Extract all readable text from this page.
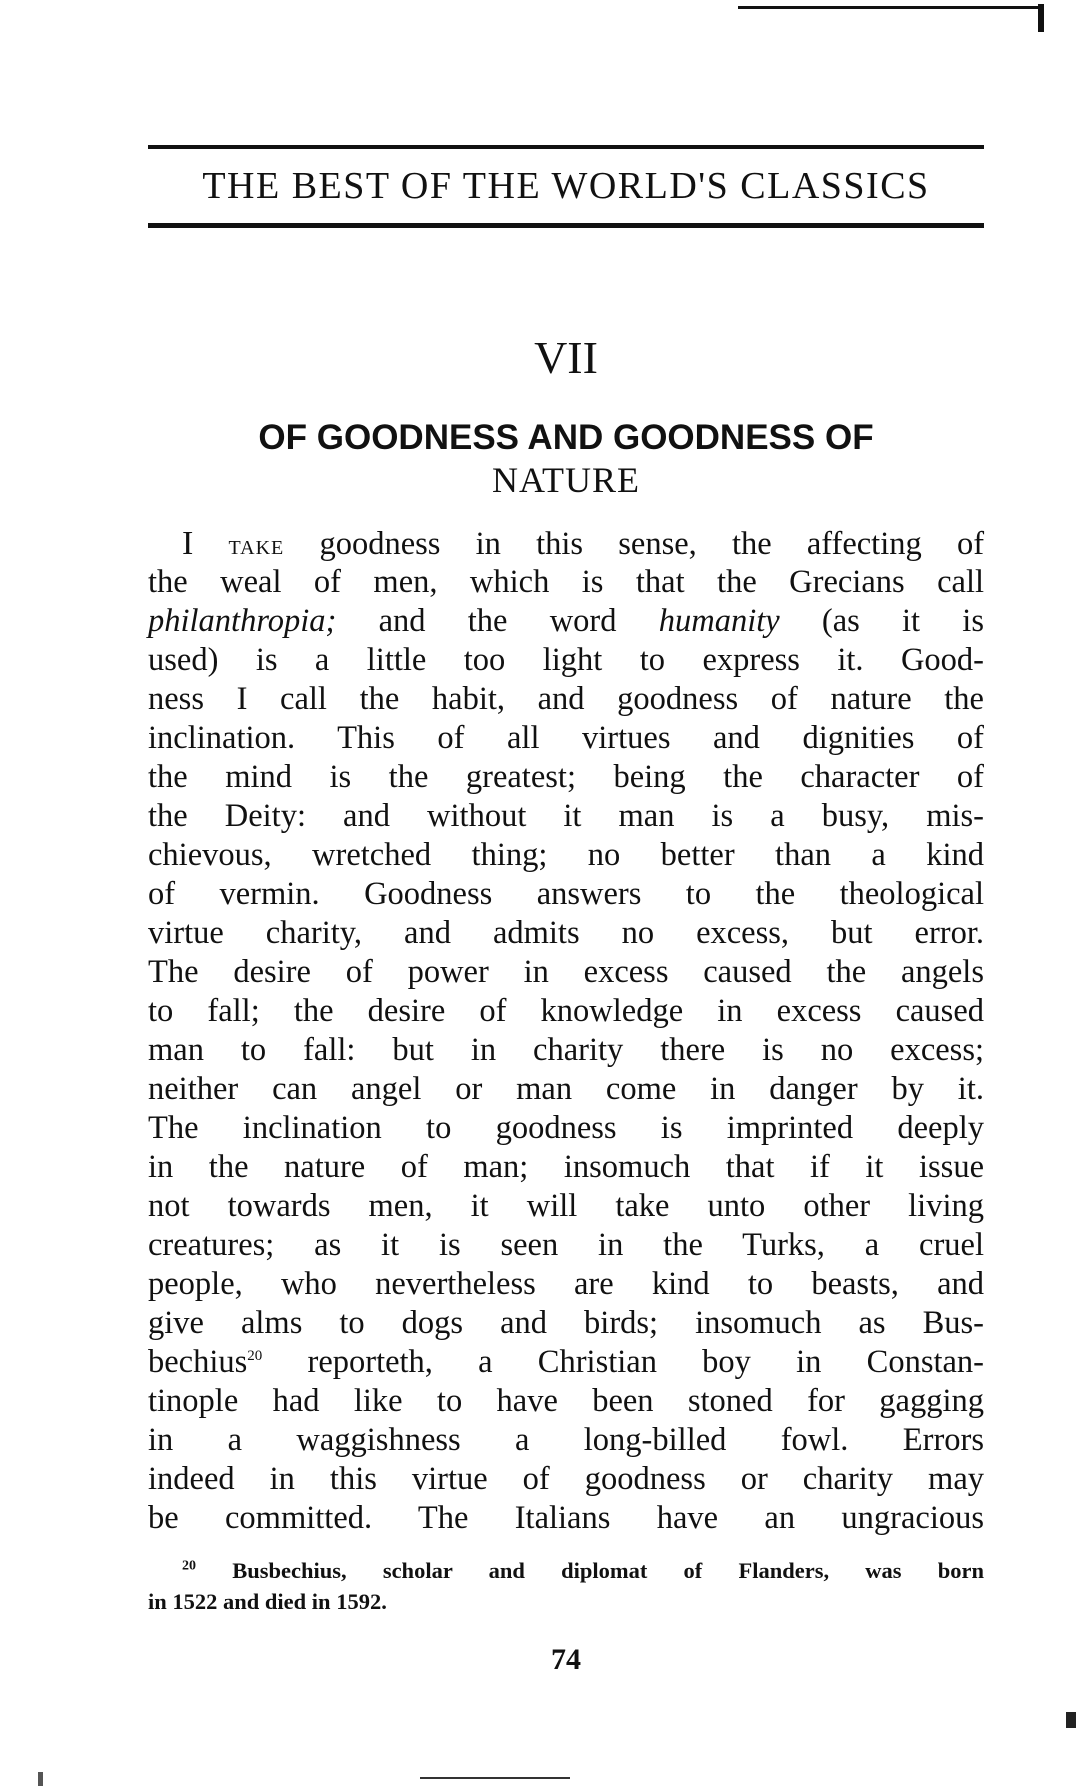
THE BEST OF THE WORLD'S CLASSICS
VII
OF GOODNESS AND GOODNESS OF
NATURE
I TAKE goodness in this sense, the affecting of
the weal of men, which is that the Grecians call
philanthropia; and the word humanity (as it is
used) is a little too light to express it. Good-
ness I call the habit, and goodness of nature the
inclination. This of all virtues and dignities of
the mind is the greatest; being the character of
the Deity: and without it man is a busy, mis-
chievous, wretched thing; no better than a kind
of vermin. Goodness answers to the theological
virtue charity, and admits no excess, but error.
The desire of power in excess caused the angels
to fall; the desire of knowledge in excess caused
man to fall: but in charity there is no excess;
neither can angel or man come in danger by it.
The inclination to goodness is imprinted deeply
in the nature of man; insomuch that if it issue
not towards men, it will take unto other living
creatures; as it is seen in the Turks, a cruel
people, who nevertheless are kind to beasts, and
give alms to dogs and birds; insomuch as Bus-
bechius$^{20}$ reporteth, a Christian boy in Constan-
tinople had like to have been stoned for gagging
in a waggishness a long-billed fowl. Errors
indeed in this virtue of goodness or charity may
be committed. The Italians have an ungracious
$^{20}$ Busbechius, scholar and diplomat of Flanders, was born
in 1522 and died in 1592.
74
